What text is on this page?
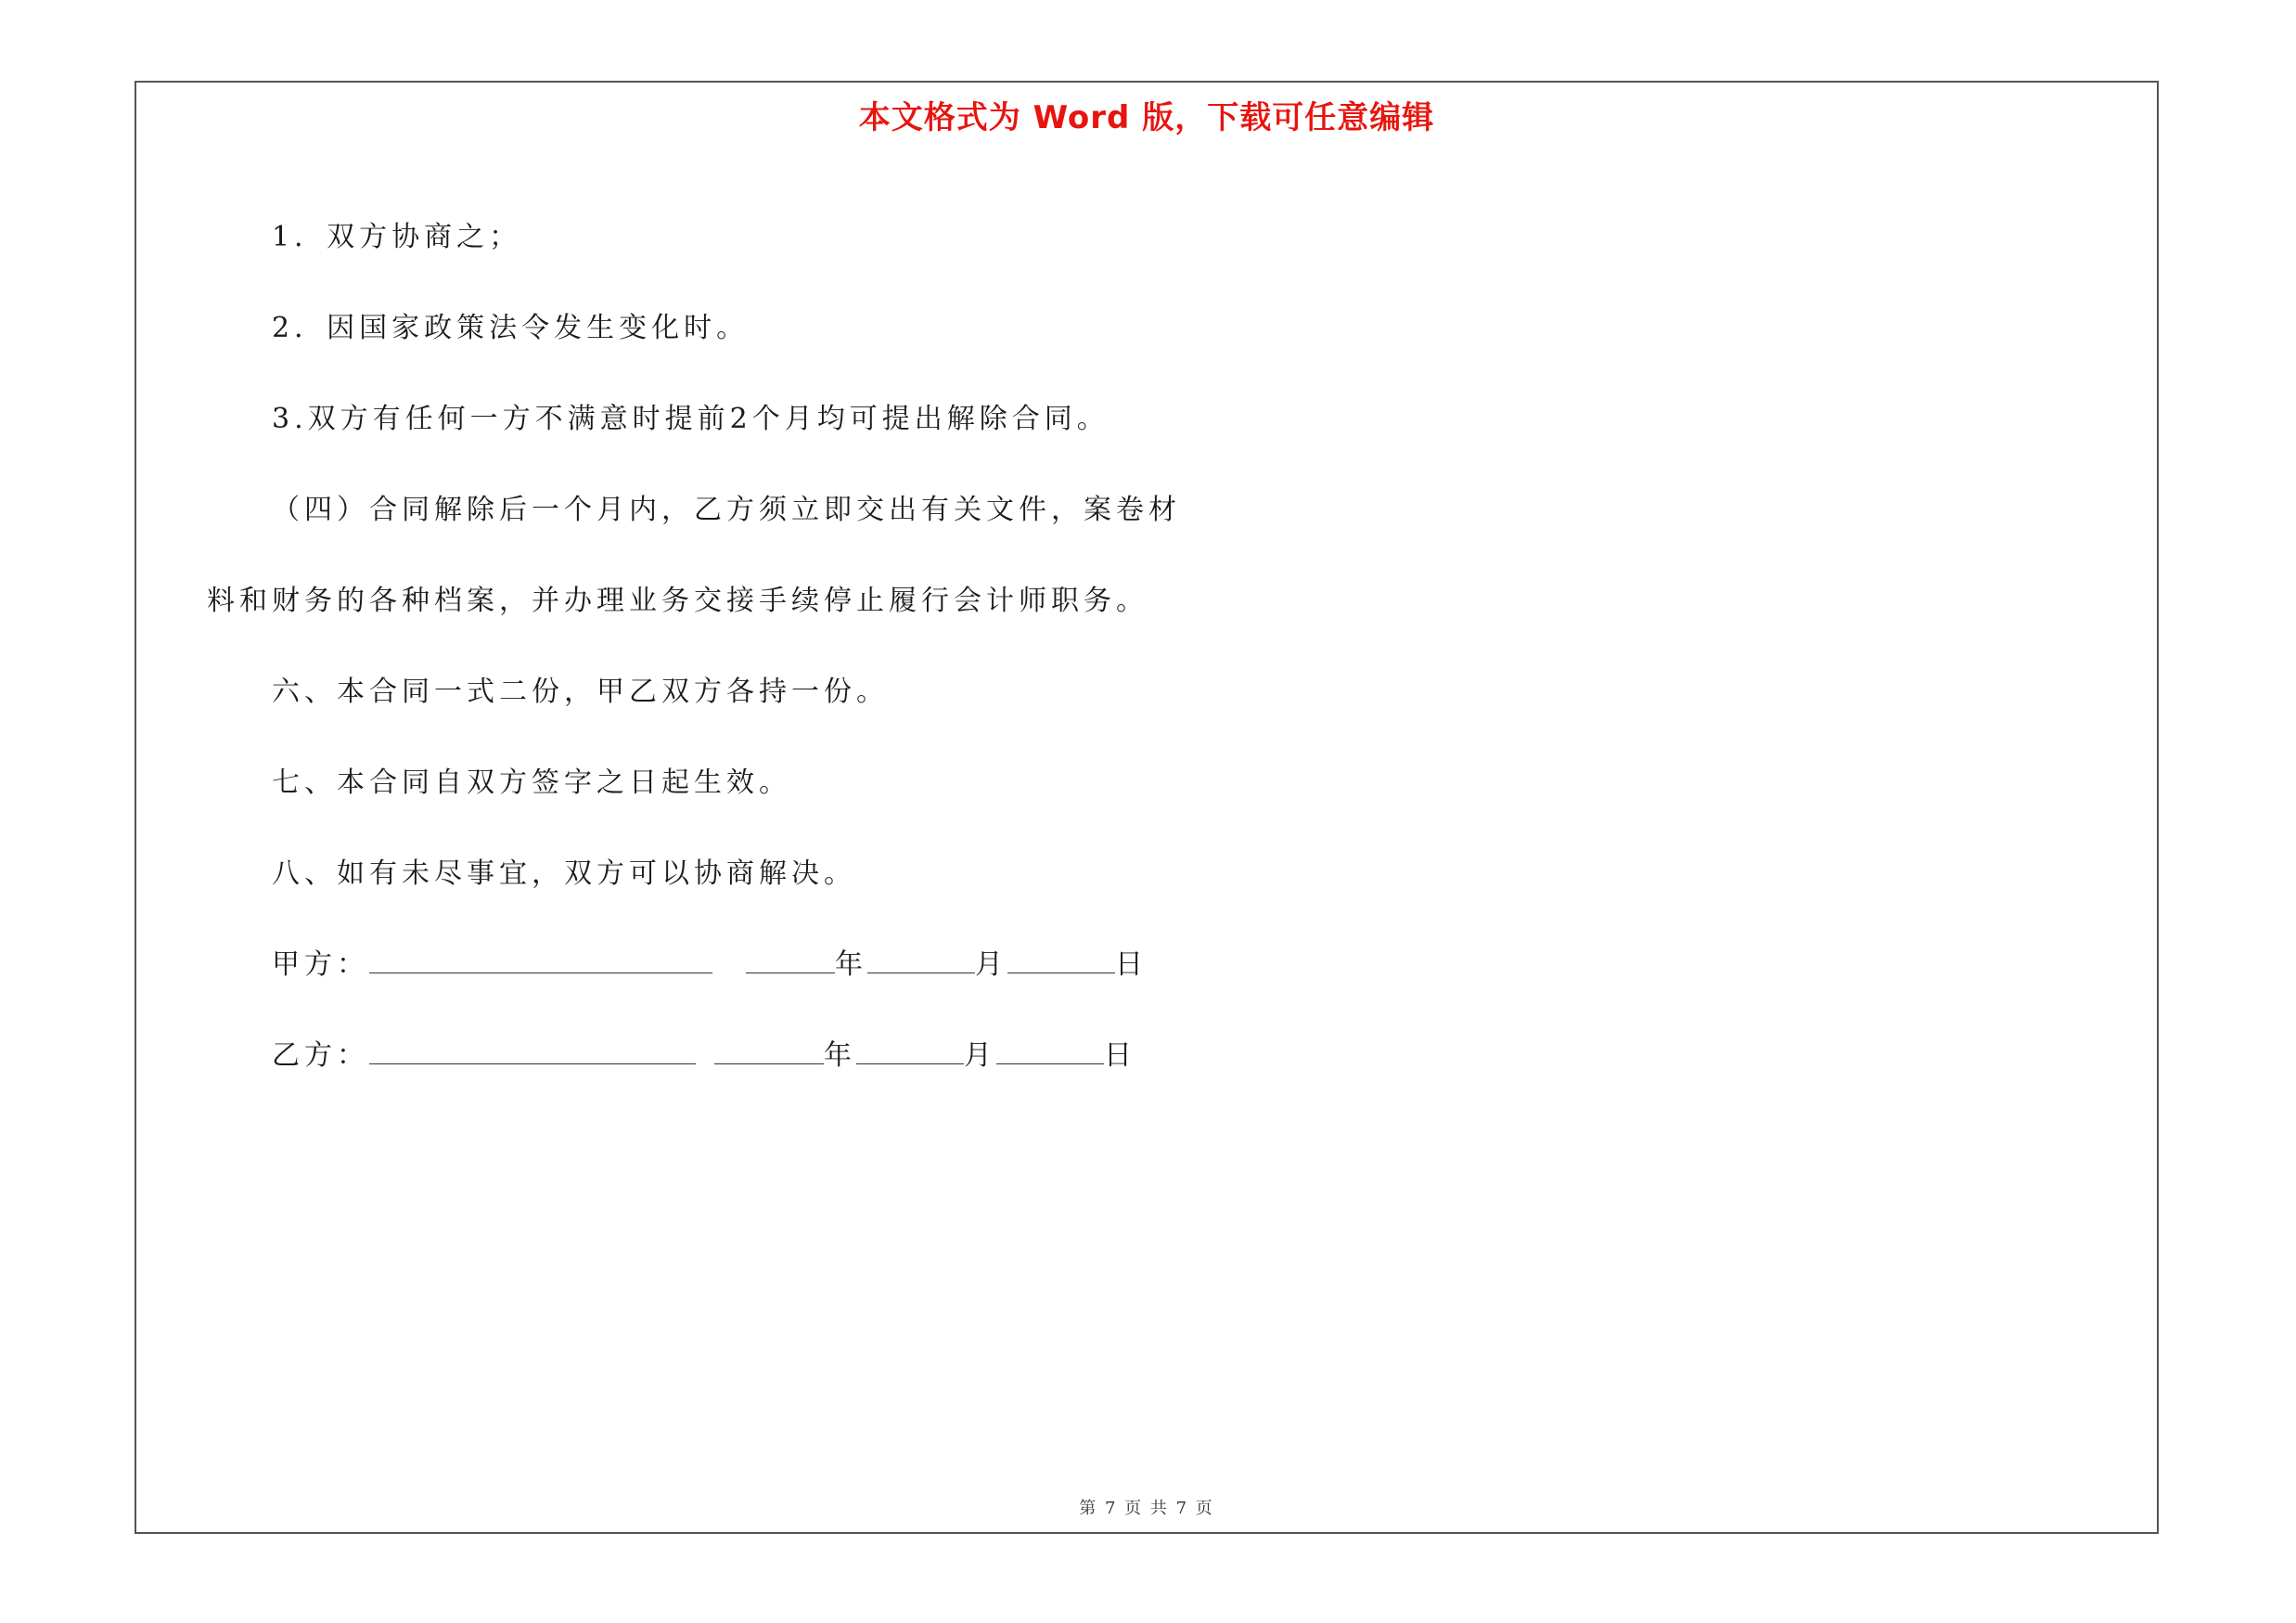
本文格式为 Word 版，下载可任意编辑
1．双方协商之；
2．因国家政策法令发生变化时。
3.双方有任何一方不满意时提前2个月均可提出解除合同。
（四）合同解除后一个月内，乙方须立即交出有关文件，案卷材
料和财务的各种档案，并办理业务交接手续停止履行会计师职务。
六、本合同一式二份，甲乙双方各持一份。
七、本合同自双方签字之日起生效。
八、如有未尽事宜，双方可以协商解决。
甲方：	年	月	日
乙方：	年	月	日
第 7 页 共 7 页
